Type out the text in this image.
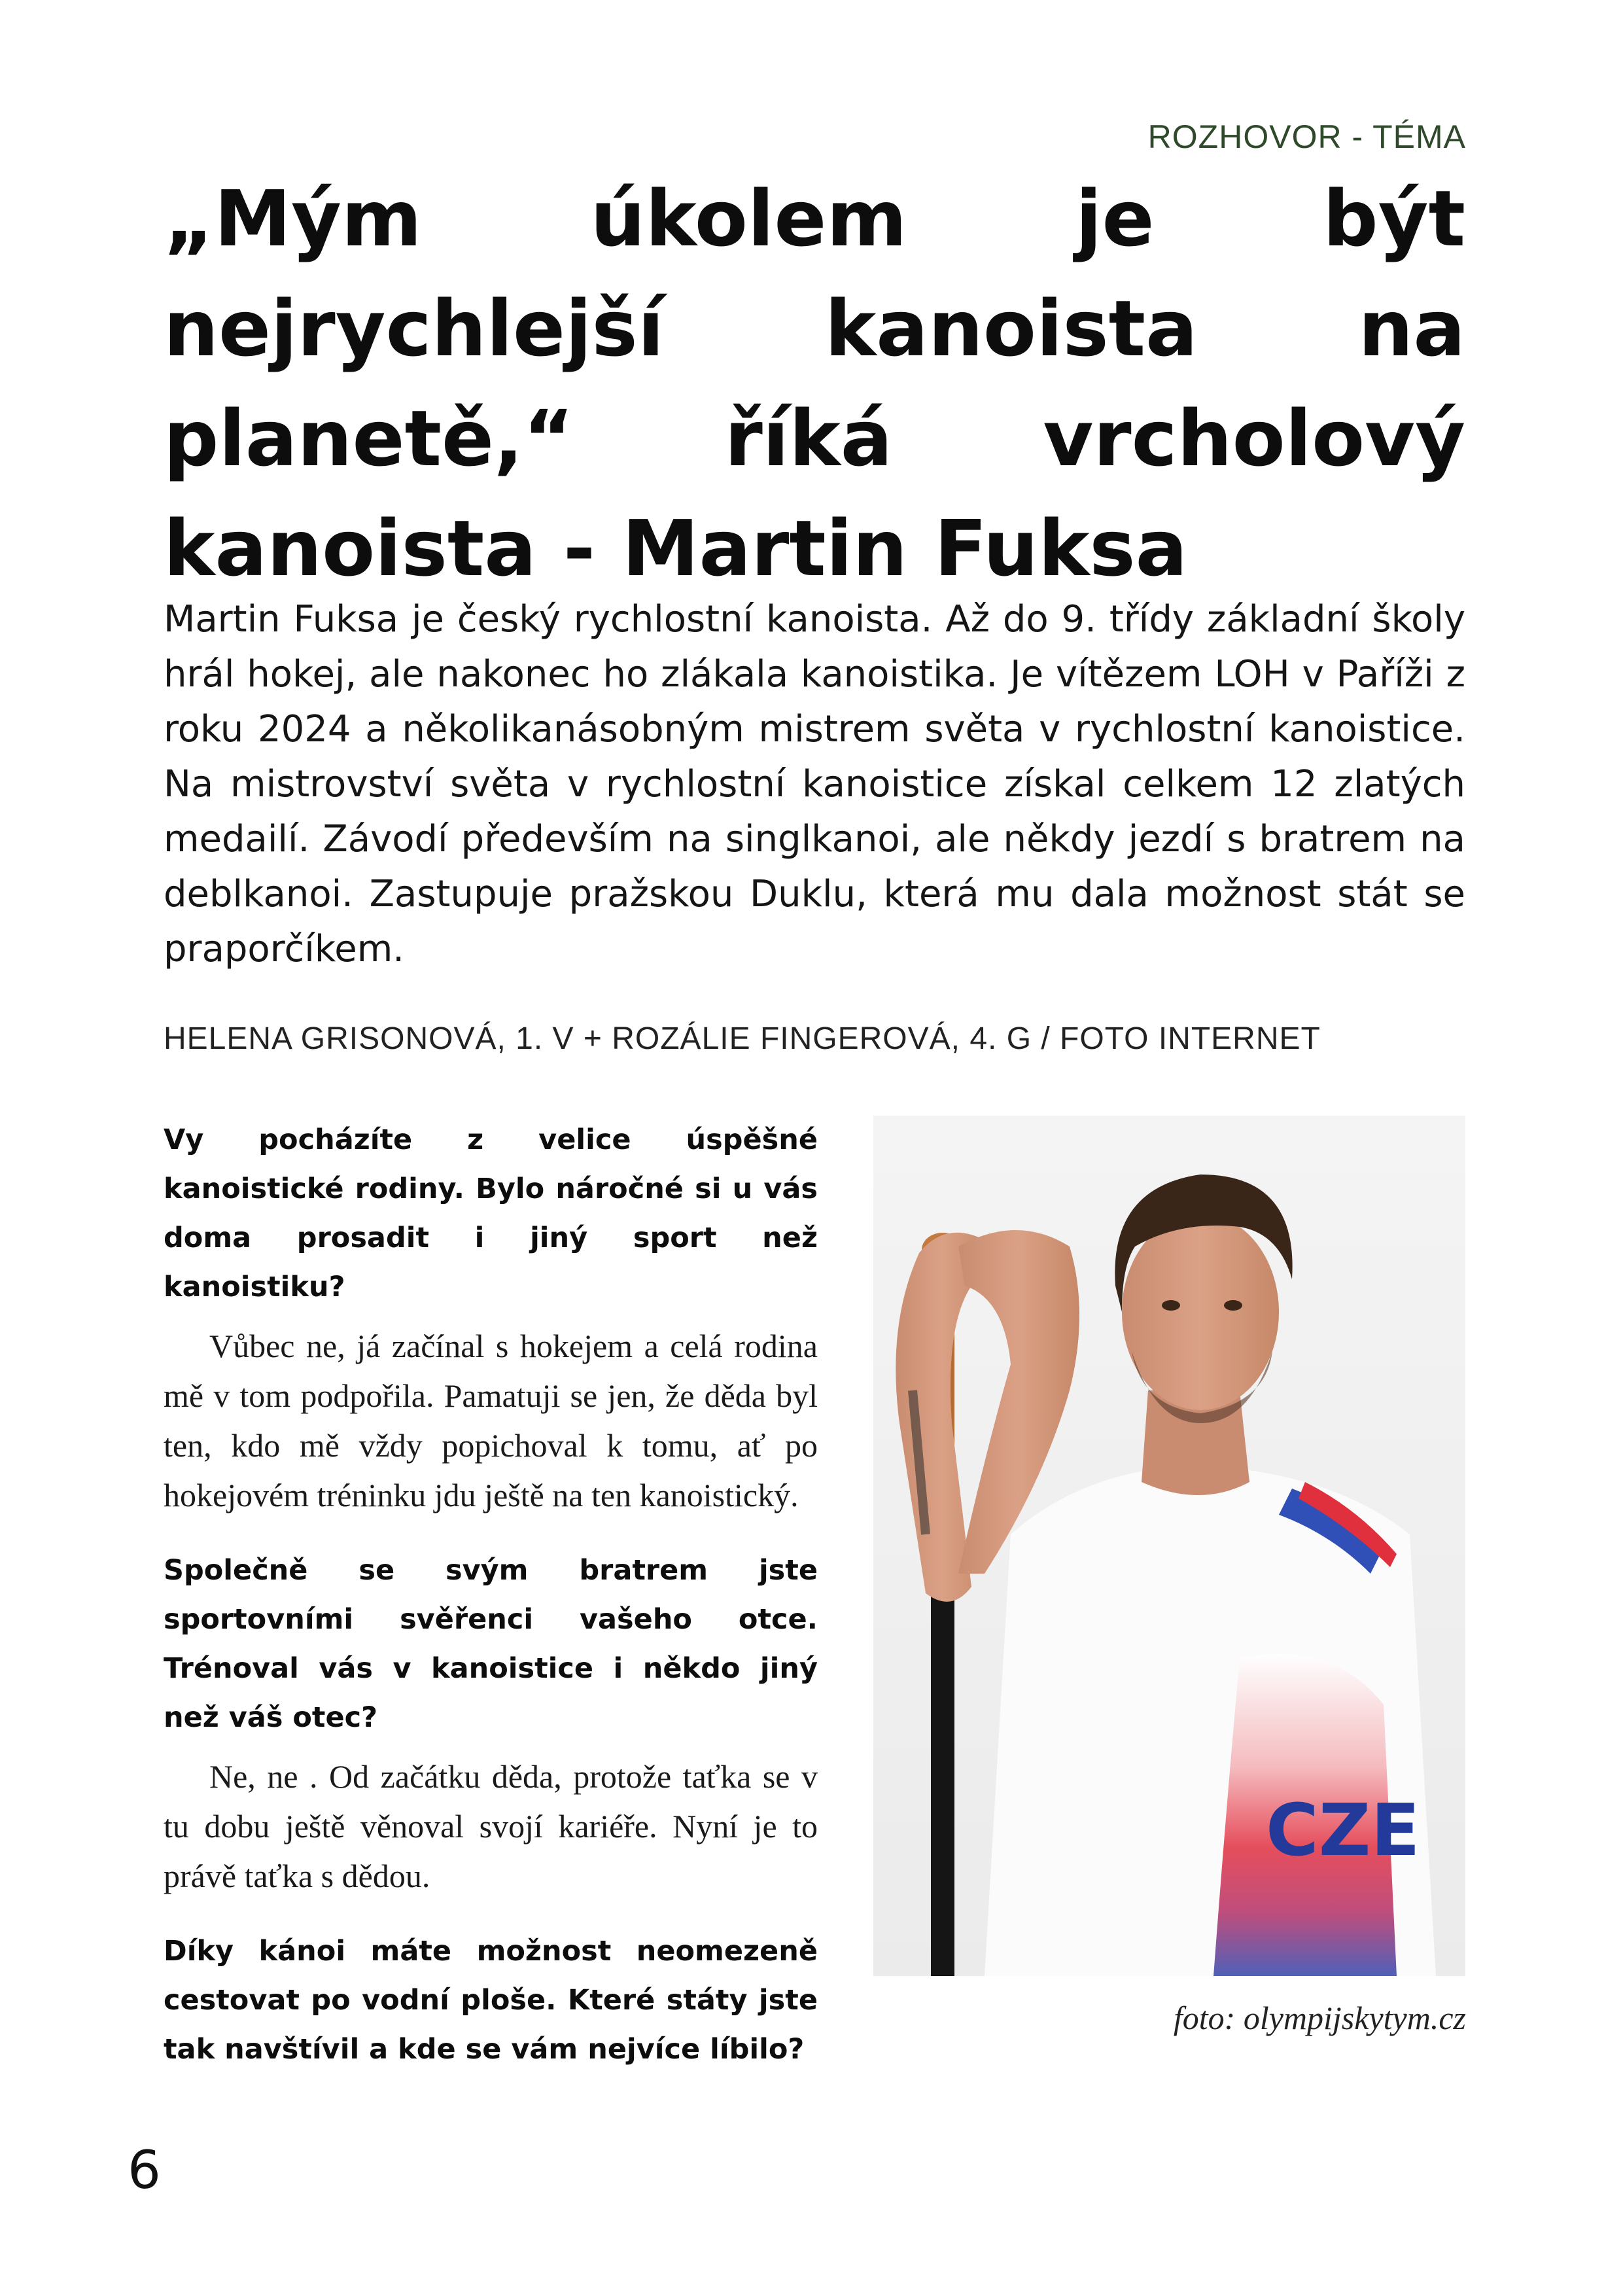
ROZHOVOR - TÉMA

„Mým úkolem je být nejrychlejší kanoista na planetě,“ říká vrcholový kanoista - Martin Fuksa

Martin Fuksa je český rychlostní kanoista. Až do 9. třídy základní školy hrál hokej, ale nakonec ho zlákala kanoistika. Je vítězem LOH v Paříži z roku 2024 a několikanásobným mistrem světa v rychlostní kanoistice. Na mistrovství světa v rychlostní kanoistice získal celkem 12 zlatých medailí. Závodí především na singlkanoi, ale někdy jezdí s bratrem na deblkanoi. Zastupuje pražskou Duklu, která mu dala možnost stát se praporčíkem.

HELENA GRISONOVÁ, 1. V + ROZÁLIE FINGEROVÁ, 4. G / FOTO INTERNET

Vy pocházíte z velice úspěšné kanoistické rodiny. Bylo náročné si u vás doma prosadit i jiný sport než kanoistiku?

Vůbec ne, já začínal s hokejem a celá rodina mě v tom podpořila. Pamatuji se jen, že děda byl ten, kdo mě vždy popichoval k tomu, ať po hokejovém tréninku jdu ještě na ten kanoistický.

Společně se svým bratrem jste sportovními svěřenci vašeho otce. Trénoval vás v kanoistice i někdo jiný než váš otec?

Ne, ne . Od začátku děda, protože taťka se v tu dobu ještě věnoval svojí kariéře. Nyní je to právě taťka s dědou.

Díky kánoi máte možnost neomezeně cestovat po vodní ploše. Které státy jste tak navštívil a kde se vám nejvíce líbilo?

CZE

foto: olympijskytym.cz

6
